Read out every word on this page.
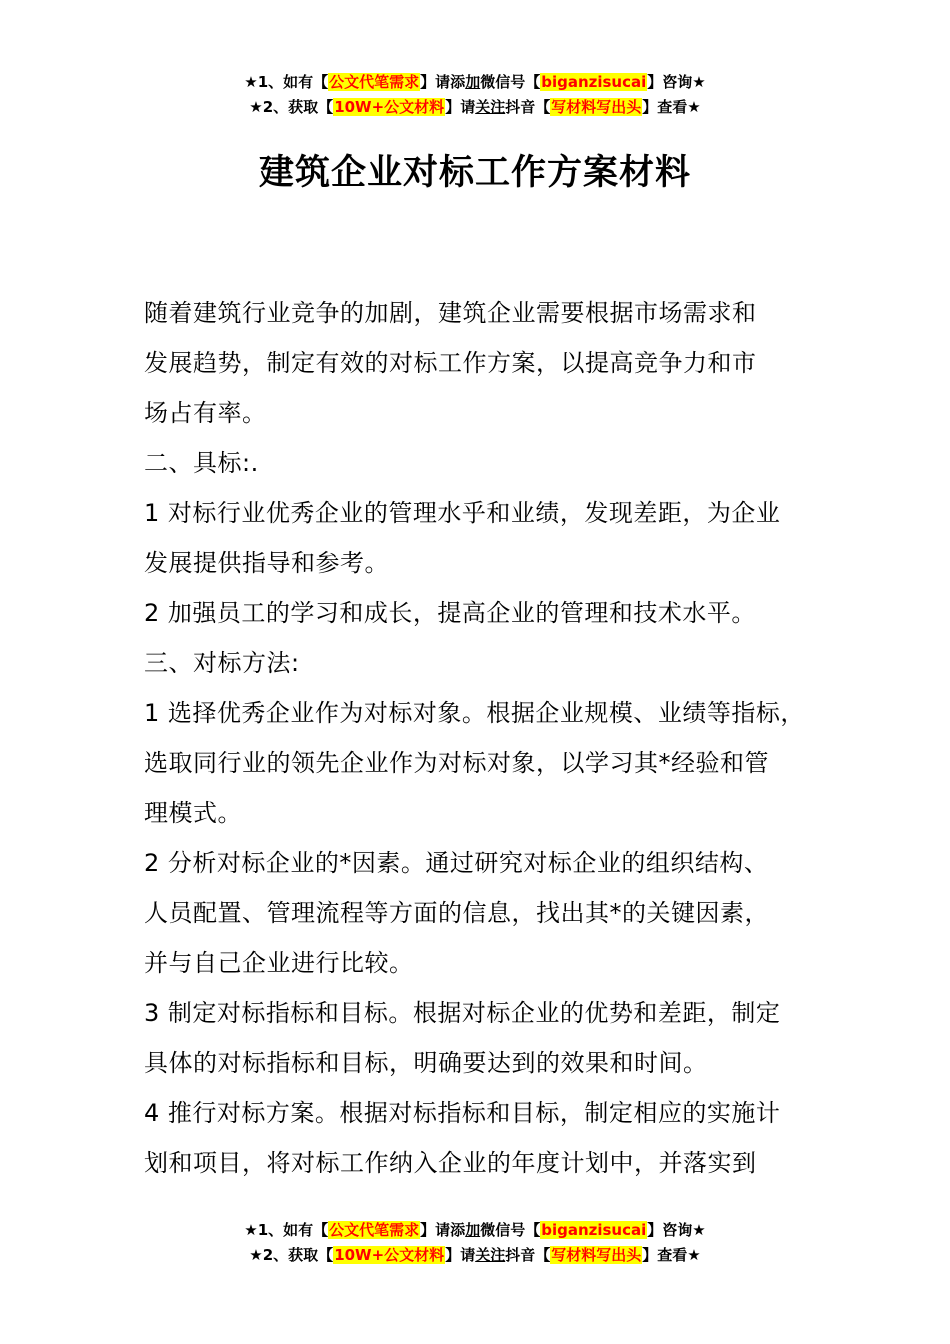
★1、如有【公文代笔需求】请添加微信号【biganzisucai】咨询★
★2、获取【10W+公文材料】请关注抖音【写材料写出头】查看★
建筑企业对标工作方案材料

随着建筑行业竞争的加剧，建筑企业需要根据市场需求和

发展趋势，制定有效的对标工作方案，以提高竞争力和市

场占有率。

二、具标:.

1 对标行业优秀企业的管理水乎和业绩，发现差距，为企业

发展提供指导和参考。

2 加强员工的学习和成长，提高企业的管理和技术水平。

三、对标方法:

1 选择优秀企业作为对标对象。根据企业规模、业绩等指标，

选取同行业的领先企业作为对标对象，以学习其*经验和管

理模式。

2 分析对标企业的*因素。通过研究对标企业的组织结构、

人员配置、管理流程等方面的信息，找出其*的关键因素，

并与自己企业进行比较。

3 制定对标指标和目标。根据对标企业的优势和差距，制定

具体的对标指标和目标，明确要达到的效果和时间。

4 推行对标方案。根据对标指标和目标，制定相应的实施计

划和项目，将对标工作纳入企业的年度计划中，并落实到

★1、如有【公文代笔需求】请添加微信号【biganzisucai】咨询★
★2、获取【10W+公文材料】请关注抖音【写材料写出头】查看★
